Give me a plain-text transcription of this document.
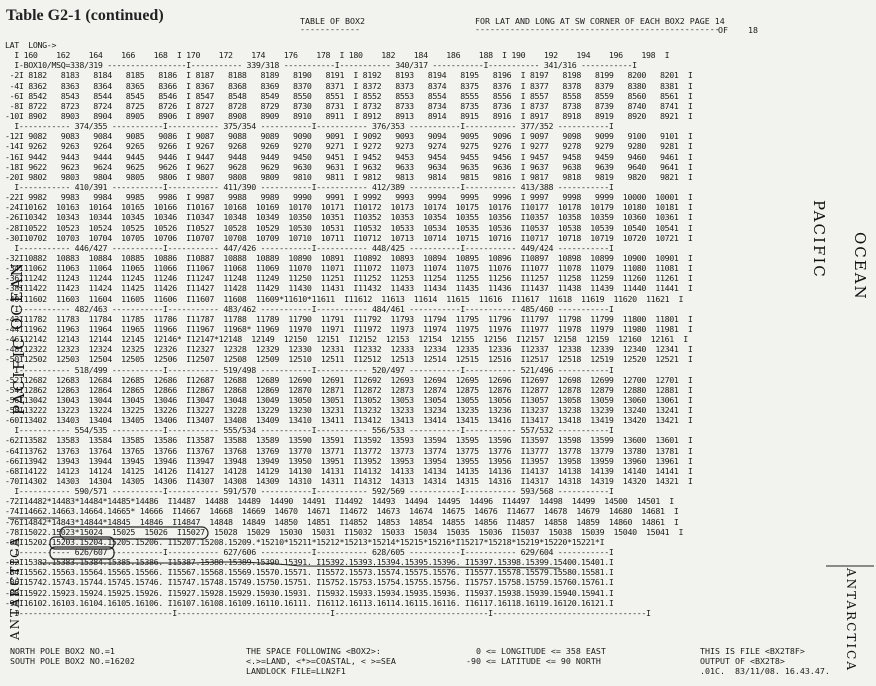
Table G2-1 (continued)	TABLE OF BOX2
------------
FOR LAT AND LONG AT SW CORNER OF EACH BOX2 PAGE 14
-------------------------------------------------
OF    18
LAT  LONG->
I 160    162    164    166    168  I 170    172    174    176    178  I 180    182    184    186    188  I 190    192    194    196    198  I
I-BOX10/MSQ=338/319 -----------------I----------- 339/318 -----------I----------- 340/317 -----------I----------- 341/316 -----------I
-2I 8182   8183   8184   8185   8186  I 8187   8188   8189   8190   8191  I 8192   8193   8194   8195   8196  I 8197   8198   8199   8200   8201  I
-4I 8362   8363   8364   8365   8366  I 8367   8368   8369   8370   8371  I 8372   8373   8374   8375   8376  I 8377   8378   8379   8380   8381  I
-6I 8542   8543   8544   8545   8546  I 8547   8548   8549   8550   8551  I 8552   8553   8554   8555   8556  I 8557   8558   8559   8560   8561  I
-8I 8722   8723   8724   8725   8726  I 8727   8728   8729   8730   8731  I 8732   8733   8734   8735   8736  I 8737   8738   8739   8740   8741  I
-10I 8902   8903   8904   8905   8906  I 8907   8908   8909   8910   8911  I 8912   8913   8914   8915   8916  I 8917   8918   8919   8920   8921  I
I----------- 374/355 -----------I----------- 375/354 -----------I----------- 376/353 -----------I----------- 377/352 -----------I
-12I 9082   9083   9084   9085   9086  I 9087   9088   9089   9090   9091  I 9092   9093   9094   9095   9096  I 9097   9098   9099   9100   9101  I
-14I 9262   9263   9264   9265   9266  I 9267   9268   9269   9270   9271  I 9272   9273   9274   9275   9276  I 9277   9278   9279   9280   9281  I
-16I 9442   9443   9444   9445   9446  I 9447   9448   9449   9450   9451  I 9452   9453   9454   9455   9456  I 9457   9458   9459   9460   9461  I
-18I 9622   9623   9624   9625   9626  I 9627   9628   9629   9630   9631  I 9632   9633   9634   9635   9636  I 9637   9638   9639   9640   9641  I
-20I 9802   9803   9804   9805   9806  I 9807   9808   9809   9810   9811  I 9812   9813   9814   9815   9816  I 9817   9818   9819   9820   9821  I
I----------- 410/391 -----------I----------- 411/390 -----------I----------- 412/389 -----------I----------- 413/388 -----------I
-22I 9982   9983   9984   9985   9986  I 9987   9988   9989   9990   9991  I 9992   9993   9994   9995   9996  I 9997   9998   9999  10000  10001  I
-24I10162  10163  10164  10165  10166  I10167  10168  10169  10170  10171  I10172  10173  10174  10175  10176  I10177  10178  10179  10180  10181  I
-26I10342  10343  10344  10345  10346  I10347  10348  10349  10350  10351  I10352  10353  10354  10355  10356  I10357  10358  10359  10360  10361  I
-28I10522  10523  10524  10525  10526  I10527  10528  10529  10530  10531  I10532  10533  10534  10535  10536  I10537  10538  10539  10540  10541  I
-30I10702  10703  10704  10705  10706  I10707  10708  10709  10710  10711  I10712  10713  10714  10715  10716  I10717  10718  10719  10720  10721  I
I----------- 446/427 -----------I----------- 447/426 -----------I----------- 448/425 -----------I----------- 449/424 -----------I
-32I10882  10883  10884  10885  10886  I10887  10888  10889  10890  10891  I10892  10893  10894  10895  10896  I10897  10898  10899  10900  10901  I
-34I11062  11063  11064  11065  11066  I11067  11068  11069  11070  11071  I11072  11073  11074  11075  11076  I11077  11078  11079  11080  11081  I
-36I11242  11243  11244  11245  11246  I11247  11248  11249  11250  11251  I11252  11253  11254  11255  11256  I11257  11258  11259  11260  11261  I
-38I11422  11423  11424  11425  11426  I11427  11428  11429  11430  11431  I11432  11433  11434  11435  11436  I11437  11438  11439  11440  11441  I
-40I11602  11603  11604  11605  11606  I11607  11608  11609*11610*11611  I11612  11613  11614  11615  11616  I11617  11618  11619  11620  11621  I
I----------- 482/463 -----------I----------- 483/462 -----------I----------- 484/461 -----------I----------- 485/460 -----------I
-42I11782  11783  11784  11785  11786  I11787  11788  11789  11790  11791  I11792  11793  11794  11795  11796  I11797  11798  11799  11800  11801  I
-44I11962  11963  11964  11965  11966  I11967  11968* 11969  11970  11971  I11972  11973  11974  11975  11976  I11977  11978  11979  11980  11981  I
-46I12142  12143  12144  12145  12146* I12147*12148  12149  12150  12151  I12152  12153  12154  12155  12156  I12157  12158  12159  12160  12161  I
-48I12322  12323  12324  12325  12326  I12327  12328  12329  12330  12331  I12332  12333  12334  12335  12336  I12337  12338  12339  12340  12341  I
-50I12502  12503  12504  12505  12506  I12507  12508  12509  12510  12511  I12512  12513  12514  12515  12516  I12517  12518  12519  12520  12521  I
I----------- 518/499 -----------I----------- 519/498 -----------I----------- 520/497 -----------I----------- 521/496 -----------I
-52I12682  12683  12684  12685  12686  I12687  12688  12689  12690  12691  I12692  12693  12694  12695  12696  I12697  12698  12699  12700  12701  I
-54I12862  12863  12864  12865  12866  I12867  12868  12869  12870  12871  I12872  12873  12874  12875  12876  I12877  12878  12879  12880  12881  I
-56I13042  13043  13044  13045  13046  I13047  13048  13049  13050  13051  I13052  13053  13054  13055  13056  I13057  13058  13059  13060  13061  I
-58I13222  13223  13224  13225  13226  I13227  13228  13229  13230  13231  I13232  13233  13234  13235  13236  I13237  13238  13239  13240  13241  I
-60I13402  13403  13404  13405  13406  I13407  13408  13409  13410  13411  I13412  13413  13414  13415  13416  I13417  13418  13419  13420  13421  I
I----------- 554/535 -----------I----------- 555/534 -----------I----------- 556/533 -----------I----------- 557/532 -----------I
-62I13582  13583  13584  13585  13586  I13587  13588  13589  13590  13591  I13592  13593  13594  13595  13596  I13597  13598  13599  13600  13601  I
-64I13762  13763  13764  13765  13766  I13767  13768  13769  13770  13771  I13772  13773  13774  13775  13776  I13777  13778  13779  13780  13781  I
-66I13942  13943  13944  13945  13946  I13947  13948  13949  13950  13951  I13952  13953  13954  13955  13956  I13957  13958  13959  13960  13961  I
-68I14122  14123  14124  14125  14126  I14127  14128  14129  14130  14131  I14132  14133  14134  14135  14136  I14137  14138  14139  14140  14141  I
-70I14302  14303  14304  14305  14306  I14307  14308  14309  14310  14311  I14312  14313  14314  14315  14316  I14317  14318  14319  14320  14321  I
I----------- 590/571 -----------I----------- 591/570 -----------I----------- 592/569 -----------I----------- 593/568 -----------I
-72I14482*14483*14484*14485*14486  I14487  14488  14489  14490  14491  I14492  14493  14494  14495  14496  I14497  14498  14499  14500  14501  I
-74I14662.14663.14664.14665* 14666  I14667  14668  14669  14670  14671  I14672  14673  14674  14675  14676  I14677  14678  14679  14680  14681  I
-76I14842*14843*14844*14845  14846  I14847  14848  14849  14850  14851  I14852  14853  14854  14855  14856  I14857  14858  14859  14860  14861  I
-78I15022.15023*15024  15025  15026  I15027  15028  15029  15030  15031  I15032  15033  15034  15035  15036  I15037  15038  15039  15040  15041  I
-80I15202.15203.15204.15205.15206. I15207.15208.15209.*15210*15211*15212*15213*15214*15215*15216*I15217*15218*15219*15220*15221*I
I----------- 626/607 -----------I----------- 627/606 -----------I----------- 628/605 -----------I----------- 629/604 -----------I
-82I15382.15383.15384.15385.15386. I15387.15388.15389.15390.15391. I15392.15393.15394.15395.15396. I15397.15398.15399.15400.15401.I
-84I15562.15563.15564.15565.15566. I15567.15568.15569.15570.15571. I15572.15573.15574.15575.15576. I15577.15578.15579.15580.15581.I
-86I15742.15743.15744.15745.15746. I15747.15748.15749.15750.15751. I15752.15753.15754.15755.15756. I15757.15758.15759.15760.15761.I
-88I15922.15923.15924.15925.15926. I15927.15928.15929.15930.15931. I15932.15933.15934.15935.15936. I15937.15938.15939.15940.15941.I
-90I16102.16103.16104.16105.16106. I16107.16108.16109.16110.16111. I16112.16113.16114.16115.16116. I16117.16118.16119.16120.16121.I
I---------------------------------I---------------------------------I---------------------------------I---------------------------------I
PACIFIC OCEAN
OCEAN
PACIFIC
ANTARCTICA	ANTARCTICA
NORTH POLE BOX2 NO.=1
SOUTH POLE BOX2 NO.=16202
THE SPACE FOLLOWING <BOX2>:
<.>=LAND, <*>=COASTAL, < >=SEA
LANDLOCK FILE=LLN2F1
0 <= LONGITUDE <= 358 EAST
-90 <= LATITUDE <= 90 NORTH
THIS IS FILE <BX2T8F>
OUTPUT OF <BX2T8>
.01C.  83/11/08. 16.43.47.
